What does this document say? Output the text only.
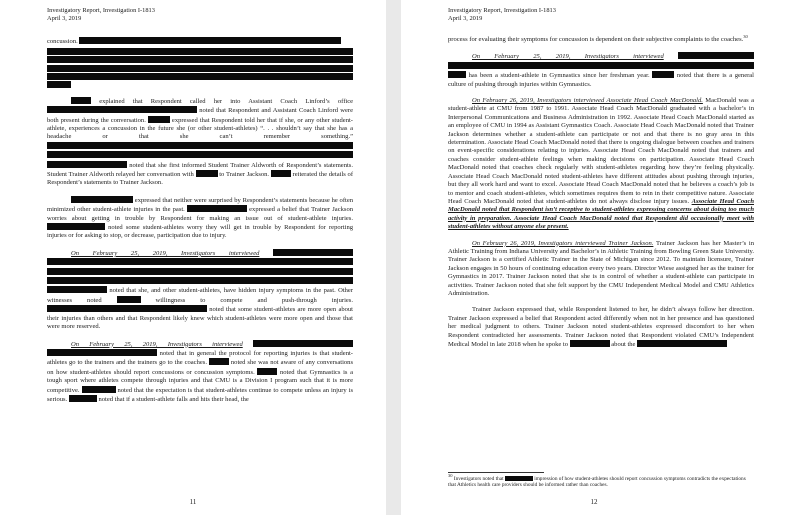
Investigatory Report, Investigation I-1813
April 3, 2019

concussion.

explained that Respondent called her into Assistant Coach Linford’s office  noted that Respondent and Assistant Coach Linford were both present during the conversation.	expressed that Respondent told her that if she, or any other student-athlete, experiences a concussion in the future she (or other student-athletes) “. . . shouldn’t say that she has a headache or that she can’t remember something.”    noted that she first informed Student Trainer Aldworth of Respondent’s statements. Student Trainer Aldworth relayed her conversation with	to Trainer Jackson.	reiterated the details of Respondent’s statements to Trainer Jackson.

expressed that neither were surprised by Respondent’s statements because he often minimized other student-athlete injuries in the past.	expressed a belief that Trainer Jackson worries about getting in trouble by Respondent for making an issue out of student-athlete injuries.  noted some student-athletes worry they will get in trouble by Respondent for reporting injuries or for asking to stop, or decrease, participation due to injury.

On February 25, 2019, Investigators interviewed      noted that she, and other student-athletes, have hidden injury symptoms in the past. Other witnesses noted	willingness to compete and push-through injuries.  noted that some student-athletes are more open about their injuries than others and that Respondent likely knew which student-athletes were more open and those that were more reserved.

On February 25, 2019, Investigators interviewed   noted that in general the protocol for reporting injuries is that student-athletes go to the trainers and the trainers go to the coaches.	noted she was not aware of any conversations on how student-athletes should report concussions or concussion symptoms.	noted that Gymnastics is a tough sport where athletes compete through injuries and that CMU is a Division I program such that it is more competitive.	noted that the expectation is that student-athletes continue to compete unless an injury is serious.	noted that if a student-athlete falls and hits their head, the

11
Investigatory Report, Investigation I-1813
April 3, 2019

process for evaluating their symptoms for concussion is dependent on their subjective complaints to the coaches.$^{30}$

On February 25, 2019, Investigators interviewed    has been a student-athlete in Gymnastics since her freshman year.	noted that there is a general culture of pushing through injuries within Gymnastics.

On February 26, 2019, Investigators interviewed Associate Head Coach MacDonald. MacDonald was a student-athlete at CMU from 1987 to 1991. Associate Head Coach MacDonald graduated with a bachelor’s in Interpersonal Communications and Business Administration in 1992. Associate Head Coach MacDonald started as an employee of CMU in 1994 as Assistant Gymnastics Coach. Associate Head Coach MacDonald noted that Trainer Jackson determines whether a student-athlete can participate or not and that there is no gray area in this determination. Associate Head Coach MacDonald noted that there is ongoing dialogue between coaches and trainers on event-specific considerations relating to injuries. Associate Head Coach MacDonald noted that trainers and coaches consider student-athlete feelings when making decisions on participation. Associate Head Coach MacDonald noted that coaches check regularly with student-athletes regarding how they’re feeling physically. Associate Head Coach MacDonald noted student-athletes have different attitudes about pushing through injuries, but they all work hard and want to excel. Associate Head Coach MacDonald noted that he believes a coach’s job is to mentor and coach student-athletes, which sometimes requires them to rein in their competitive nature. Associate Head Coach MacDonald noted that student-athletes do not always disclose injury issues. Associate Head Coach MacDonald noted that Respondent isn’t receptive to student-athletes expressing concerns about doing too much activity in preparation. Associate Head Coach MacDonald noted that Respondent did occasionally meet with student-athletes without anyone else present.

On February 26, 2019, Investigators interviewed Trainer Jackson. Trainer Jackson has her Master’s in Athletic Training from Indiana University and Bachelor’s in Athletic Training from Bowling Green State University. Trainer Jackson is a certified Athletic Trainer in the State of Michigan since 2012. To maintain licensure, Trainer Jackson engages in 50 hours of continuing education every two years. Director Wiese assigned her as the trainer for Gymnastics in 2017. Trainer Jackson noted that she is in control of whether a student-athlete can participate in activities. Trainer Jackson noted that she felt support by the CMU Independent Medical Model and CMU Athletics Administration.

Trainer Jackson expressed that, while Respondent listened to her, he didn’t always follow her direction. Trainer Jackson expressed a belief that Respondent acted differently when not in her presence and has questioned her medical judgment to others. Trainer Jackson noted student-athletes expressed discomfort to her when Respondent contradicted her assessments. Trainer Jackson noted that Respondent violated CMU’s Independent Medical Model in late 2018 when he spoke to	about the

$^{30}$ Investigators noted that	impression of how student-athletes should report concussion symptoms contradicts the expectations that Athletics health care providers should be informed rather than coaches.
12
